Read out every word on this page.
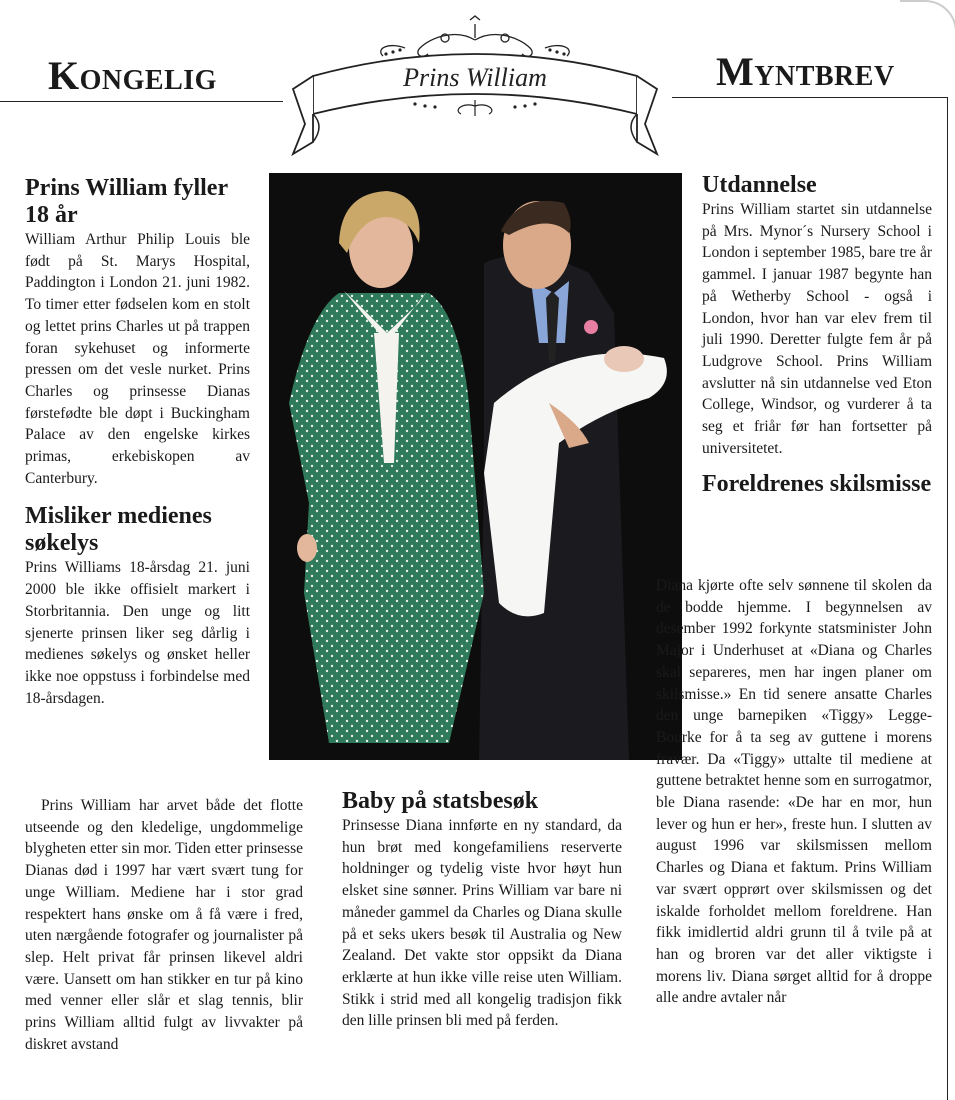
Kongelig	Myntbrev
Prins William
Prins William fyller 18 år

William Arthur Philip Louis ble født på St. Marys Hospital, Paddington i London 21. juni 1982. To timer etter fødselen kom en stolt og lettet prins Charles ut på trappen foran sykehuset og informerte pressen om det vesle nurket. Prins Charles og prinsesse Dianas førstefødte ble døpt i Buckingham Palace av den engelske kirkes primas, erkebiskopen av Canterbury.

Misliker medienes søkelys

Prins Williams 18-årsdag 21. juni 2000 ble ikke offisielt markert i Storbritannia. Den unge og litt sjenerte prinsen liker seg dårlig i medienes søkelys og ønsket heller ikke noe oppstuss i forbindelse med 18-årsdagen.

Prins William har arvet både det flotte utseende og den kledelige, ungdommelige blygheten etter sin mor. Tiden etter prinsesse Dianas død i 1997 har vært svært tung for unge William. Mediene har i stor grad respektert hans ønske om å få være i fred, uten nærgående fotografer og journalister på slep. Helt privat får prinsen likevel aldri være. Uansett om han stikker en tur på kino med venner eller slår et slag tennis, blir prins William alltid fulgt av livvakter på diskret avstand

Baby på statsbesøk

Prinsesse Diana innførte en ny standard, da hun brøt med kongefamiliens reserverte holdninger og tydelig viste hvor høyt hun elsket sine sønner. Prins William var bare ni måneder gammel da Charles og Diana skulle på et seks ukers besøk til Australia og New Zealand. Det vakte stor oppsikt da Diana erklærte at hun ikke ville reise uten William. Stikk i strid med all kongelig tradisjon fikk den lille prinsen bli med på ferden.

Utdannelse

Prins William startet sin utdannelse på Mrs. Mynor´s Nursery School i London i september 1985, bare tre år gammel. I januar 1987 begynte han på Wetherby School - også i London, hvor han var elev frem til juli 1990. Deretter fulgte fem år på Ludgrove School. Prins William avslutter nå sin utdannelse ved Eton College, Windsor, og vurderer å ta seg et friår før han fortsetter på universitetet.

Foreldrenes skilsmisse

Diana kjørte ofte selv sønnene til skolen da de bodde hjemme. I begynnelsen av desember 1992 forkynte statsminister John Major i Underhuset at «Diana og Charles skal separeres, men har ingen planer om skilsmisse.» En tid senere ansatte Charles den unge barnepiken «Tiggy» Legge-Bourke for å ta seg av guttene i morens fravær. Da «Tiggy» uttalte til mediene at guttene betraktet henne som en surrogatmor, ble Diana rasende: «De har en mor, hun lever og hun er her», freste hun. I slutten av august 1996 var skilsmissen mellom Charles og Diana et faktum. Prins William var svært opprørt over skilsmissen og det iskalde forholdet mellom foreldrene. Han fikk imidlertid aldri grunn til å tvile på at han og broren var det aller viktigste i morens liv. Diana sørget alltid for å droppe alle andre avtaler når
